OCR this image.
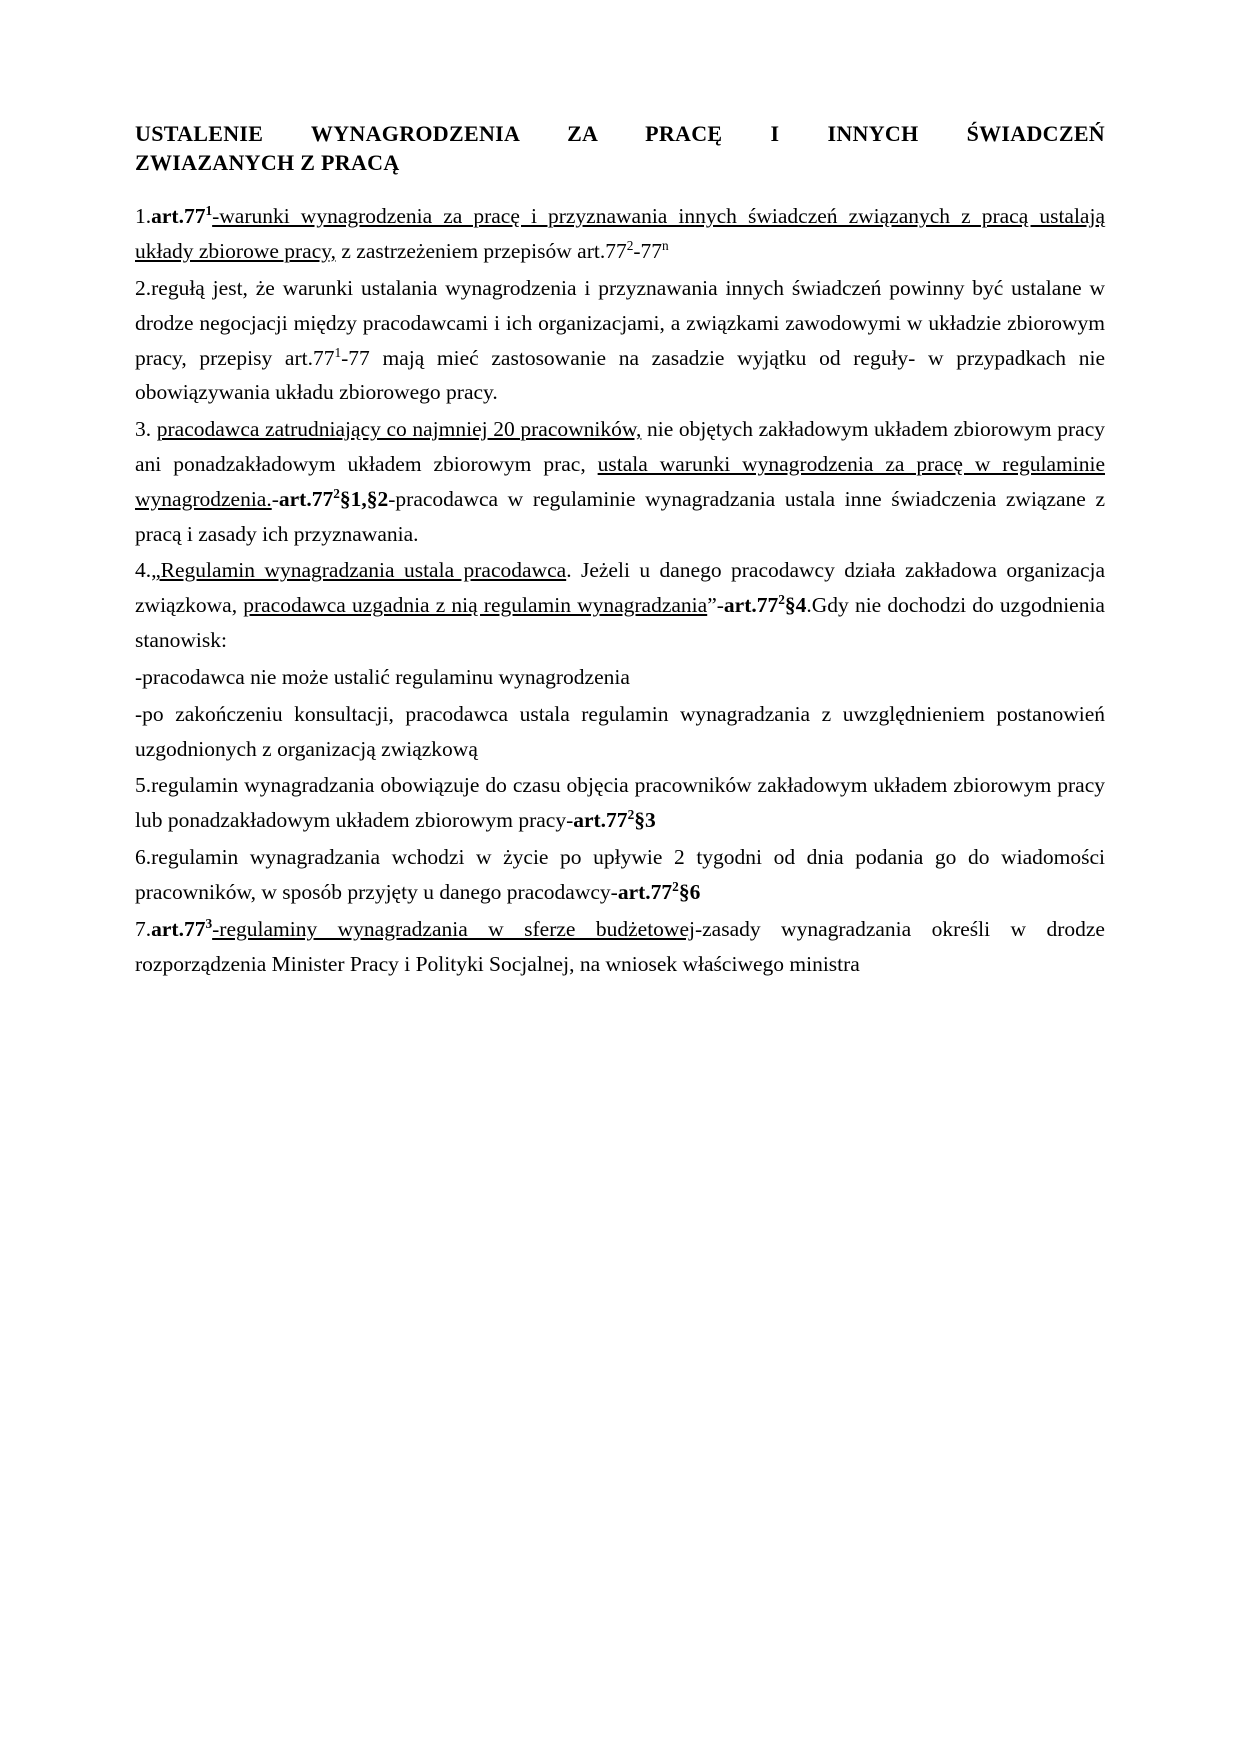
USTALENIE WYNAGRODZENIA ZA PRACĘ I INNYCH ŚWIADCZEŃ
ZWIAZANYCH Z PRACĄ

$1.art.77^1$-warunki wynagrodzenia za pracę i przyznawania innych świadczeń związanych z pracą ustalają układy zbiorowe pracy, z zastrzeżeniem przepisów $art.77^2-77^n$

2.regułą jest, że warunki ustalania wynagrodzenia i przyznawania innych świadczeń powinny być ustalane w drodze negocjacji między pracodawcami i ich organizacjami, a związkami zawodowymi w układzie zbiorowym pracy, przepisy $art.77^1-77$ mają mieć zastosowanie na zasadzie wyjątku od reguły- w przypadkach nie obowiązywania układu zbiorowego pracy.

3. pracodawca zatrudniający co najmniej 20 pracowników, nie objętych zakładowym układem zbiorowym pracy ani ponadzakładowym układem zbiorowym prac, ustala warunki wynagrodzenia za pracę w regulaminie $wynagrodzenia.-art.77^2\S 1,\S 2$-pracodawca w regulaminie wynagradzania ustala inne świadczenia związane z pracą i zasady ich przyznawania.

4.„Regulamin wynagradzania ustala pracodawca. Jeżeli u danego pracodawcy działa zakładowa organizacja związkowa, pracodawca uzgadnia z nią regulamin $wynagradzania”-art.77^2\S 4.Gdy$ nie dochodzi do uzgodnienia stanowisk:

-pracodawca nie może ustalić regulaminu wynagrodzenia

-po zakończeniu konsultacji, pracodawca ustala regulamin wynagradzania z uwzględnieniem postanowień uzgodnionych z organizacją związkową

5.regulamin wynagradzania obowiązuje do czasu objęcia pracowników zakładowym układem zbiorowym pracy lub ponadzakładowym układem zbiorowym pracy-$art.77^2\S 3$

6.regulamin wynagradzania wchodzi w życie po upływie 2 tygodni od dnia podania go do wiadomości pracowników, w sposób przyjęty u danego pracodawcy-$art.77^2\S 6$

$7.art.77^3$-regulaminy wynagradzania w sferze budżetowej-zasady wynagradzania określi w drodze rozporządzenia Minister Pracy i Polityki Socjalnej, na wniosek właściwego ministra
